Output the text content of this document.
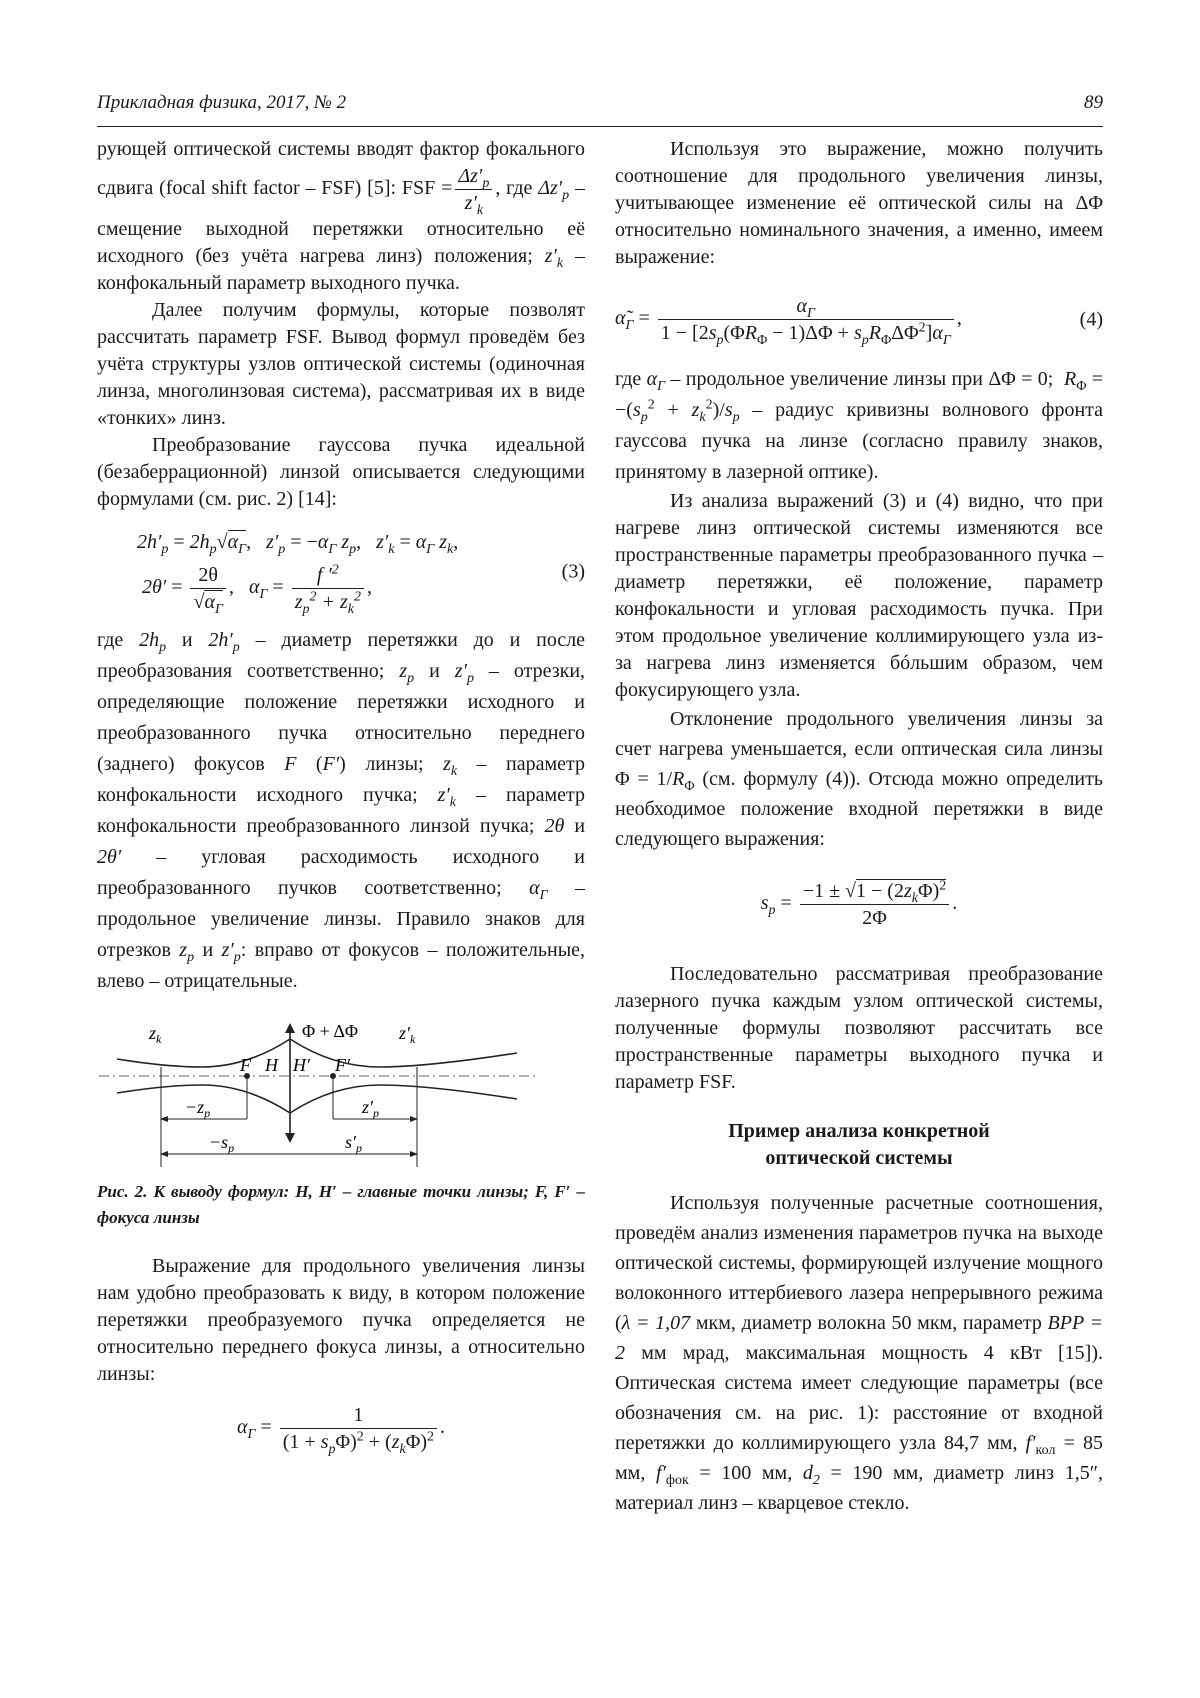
Прикладная физика, 2017, № 2	89

рующей оптической системы вводят фактор фокального сдвига (focal shift factor – FSF) [5]: FSF = $\frac{\Delta z'_p}{z'_k}$ , где $\Delta z'_p$ – смещение выходной перетяжки относительно её исходного (без учёта нагрева линз) положения; $z'_k$ – конфокальный параметр выходного пучка.

Далее получим формулы, которые позволят рассчитать параметр FSF. Вывод формул проведём без учёта структуры узлов оптической системы (одиночная линза, многолинзовая система), рассматривая их в виде «тонких» линз.

Преобразование гауссова пучка идеальной (безаберрационной) линзой описывается следующими формулами (см. рис. 2) [14]:

$2h'_p = 2h_p√\alpha_\Gamma$,   $z'_p = -\alpha_\Gamma$ $z_p$,   $z'_k = \alpha_\Gamma$ $z_k$,
$2\theta' = \frac{2\theta}{√\alpha_\Gamma}$ ,   $\alpha_\Gamma = \frac{f '^2}{z_p^2 + z_k^2}$ ,
(3)

где $2h_p$ и $2h'_p$ – диаметр перетяжки до и после преобразования соответственно; $z_p$ и $z'_p$ – отрезки, определяющие положение перетяжки исходного и преобразованного пучка относительно переднего (заднего) фокусов F (F′) линзы; $z_k$ – параметр конфокальности исходного пучка; $z'_k$ – параметр конфокальности преобразованного линзой пучка; 2θ и 2θ′ – угловая расходимость исходного и преобразованного пучков соответственно; $\alpha_\Gamma$ – продольное увеличение линзы. Правило знаков для отрезков $z_p$ и $z'_p$: вправо от фокусов – положительные, влево – отрицательные.

Φ + ΔΦ
$z_k$	$z'_k$
F H H′ F′
$-z_p$	$z'_p$
$-s_p$	$s'_p$
Рис. 2. К выводу формул: H, H′ – главные точки линзы; F, F′ – фокуса линзы

Выражение для продольного увеличения линзы нам удобно преобразовать к виду, в котором положение перетяжки преобразуемого пучка определяется не относительно переднего фокуса линзы, а относительно линзы:

$\alpha_\Gamma = \frac{1}{(1 + s_p\Phi)^2 + (z_k\Phi)^2}$ .

Используя это выражение, можно получить соотношение для продольного увеличения линзы, учитывающее изменение её оптической силы на ΔΦ относительно номинального значения, а именно, имеем выражение:

$\alphã_\Gamma = \frac{\alpha_\Gamma}{1 - [2s_p(\Phi R_\Phi - 1)\Delta\Phi + s_pR_\Phi\Delta\Phi^2]\alpha_\Gamma}$ ,	(4)

где $\alpha_\Gamma$ – продольное увеличение линзы при ΔΦ = 0; $R_\Phi = -(s_p^2 + z_k^2)/s_p$ – радиус кривизны волнового фронта гауссова пучка на линзе (согласно правилу знаков, принятому в лазерной оптике).

Из анализа выражений (3) и (4) видно, что при нагреве линз оптической системы изменяются все пространственные параметры преобразованного пучка – диаметр перетяжки, её положение, параметр конфокальности и угловая расходимость пучка. При этом продольное увеличение коллимирующего узла из-за нагрева линз изменяется бóльшим образом, чем фокусирующего узла.

Отклонение продольного увеличения линзы за счет нагрева уменьшается, если оптическая сила линзы $\Phi = 1/R_\Phi$ (см. формулу (4)). Отсюда можно определить необходимое положение входной перетяжки в виде следующего выражения:

$s_p = \frac{-1 \pm √1 - (2z_k\Phi)^2}{2\Phi}$ .

Последовательно рассматривая преобразование лазерного пучка каждым узлом оптической системы, полученные формулы позволяют рассчитать все пространственные параметры выходного пучка и параметр FSF.

Пример анализа конкретной
оптической системы

Используя полученные расчетные соотношения, проведём анализ изменения параметров пучка на выходе оптической системы, формирующей излучение мощного волоконного иттербиевого лазера непрерывного режима (λ = 1,07 мкм, диаметр волокна 50 мкм, параметр BPP = 2 мм мрад, максимальная мощность 4 кВт [15]). Оптическая система имеет следующие параметры (все обозначения см. на рис. 1): расстояние от входной перетяжки до коллимирующего узла 84,7 мм, $f'_{кол} = 85$ мм, $f'_{фок} = 100$ мм, $d_2 = 190$ мм, диаметр линз 1,5″, материал линз – кварцевое стекло.
